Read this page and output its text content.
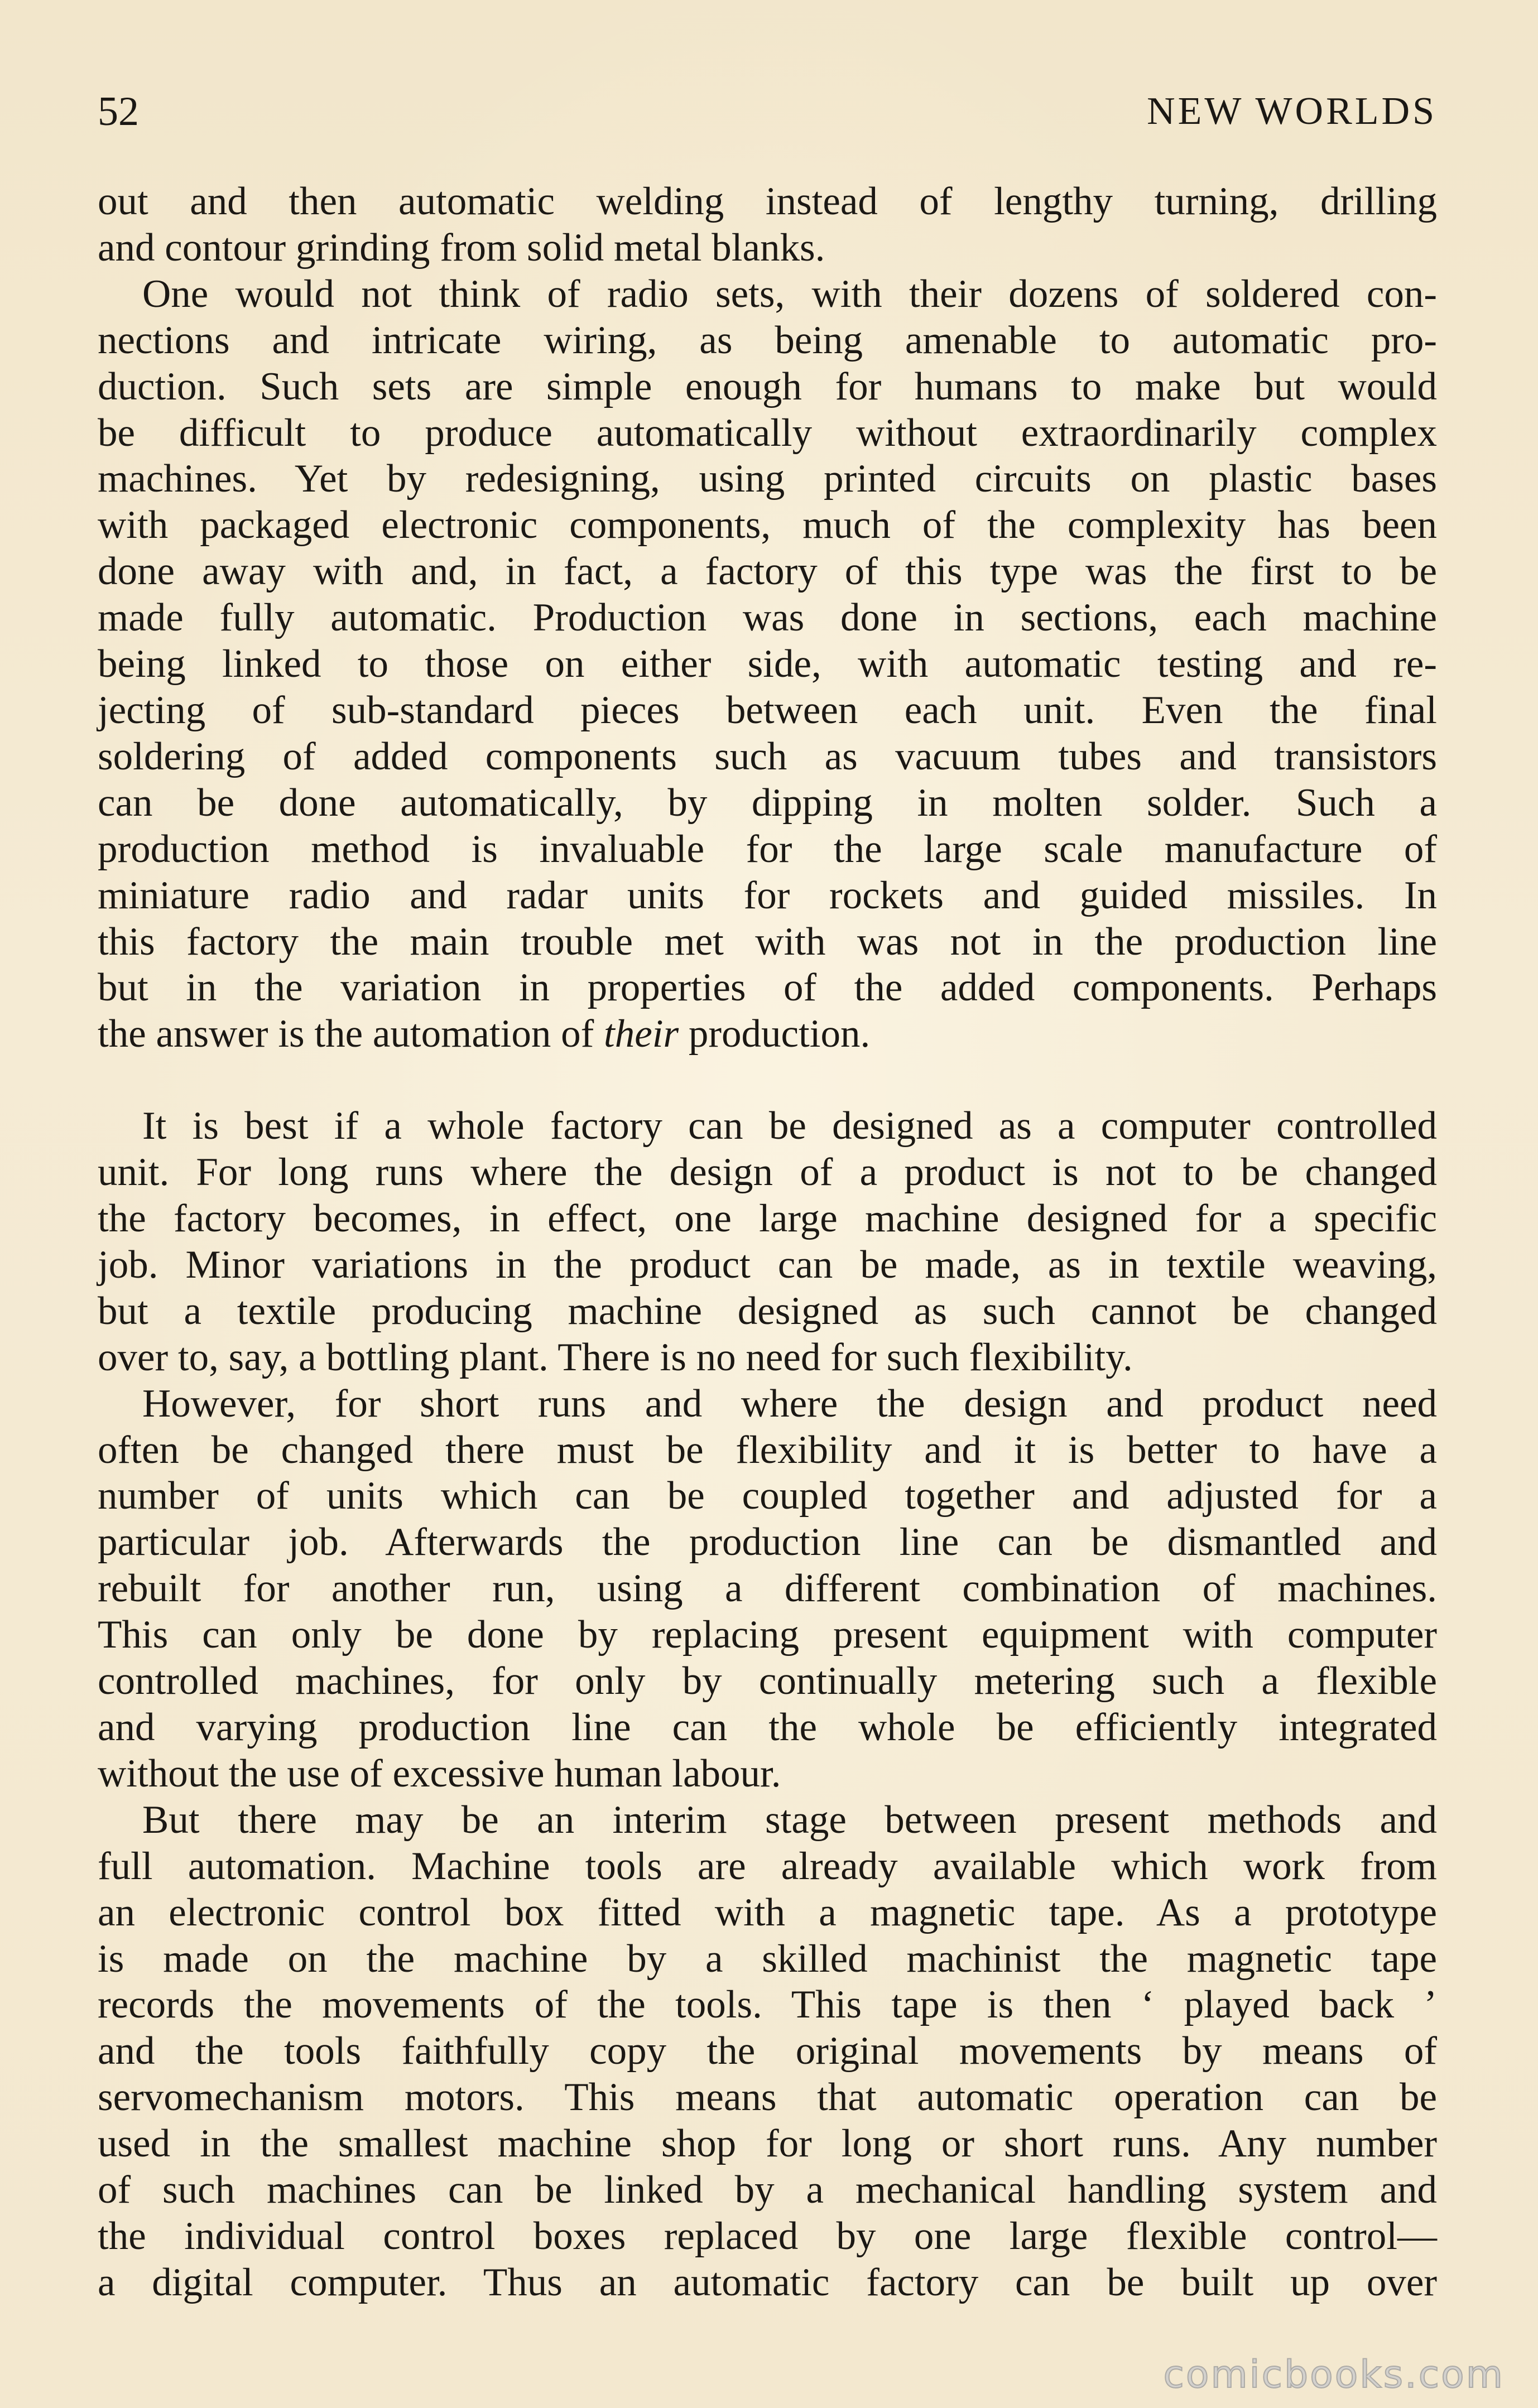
52	NEW WORLDS
out and then automatic welding instead of lengthy turning, drilling
and contour grinding from solid metal blanks.
One would not think of radio sets, with their dozens of soldered con-
nections and intricate wiring, as being amenable to automatic pro-
duction. Such sets are simple enough for humans to make but would
be difficult to produce automatically without extraordinarily complex
machines. Yet by redesigning, using printed circuits on plastic bases
with packaged electronic components, much of the complexity has been
done away with and, in fact, a factory of this type was the first to be
made fully automatic. Production was done in sections, each machine
being linked to those on either side, with automatic testing and re-
jecting of sub-standard pieces between each unit. Even the final
soldering of added components such as vacuum tubes and transistors
can be done automatically, by dipping in molten solder. Such a
production method is invaluable for the large scale manufacture of
miniature radio and radar units for rockets and guided missiles. In
this factory the main trouble met with was not in the production line
but in the variation in properties of the added components. Perhaps
the answer is the automation of their production.
It is best if a whole factory can be designed as a computer controlled
unit. For long runs where the design of a product is not to be changed
the factory becomes, in effect, one large machine designed for a specific
job. Minor variations in the product can be made, as in textile weaving,
but a textile producing machine designed as such cannot be changed
over to, say, a bottling plant. There is no need for such flexibility.
However, for short runs and where the design and product need
often be changed there must be flexibility and it is better to have a
number of units which can be coupled together and adjusted for a
particular job. Afterwards the production line can be dismantled and
rebuilt for another run, using a different combination of machines.
This can only be done by replacing present equipment with computer
controlled machines, for only by continually metering such a flexible
and varying production line can the whole be efficiently integrated
without the use of excessive human labour.
But there may be an interim stage between present methods and
full automation. Machine tools are already available which work from
an electronic control box fitted with a magnetic tape. As a prototype
is made on the machine by a skilled machinist the magnetic tape
records the movements of the tools. This tape is then ‘ played back ’
and the tools faithfully copy the original movements by means of
servomechanism motors. This means that automatic operation can be
used in the smallest machine shop for long or short runs. Any number
of such machines can be linked by a mechanical handling system and
the individual control boxes replaced by one large flexible control—
a digital computer. Thus an automatic factory can be built up over
comicbooks.com
